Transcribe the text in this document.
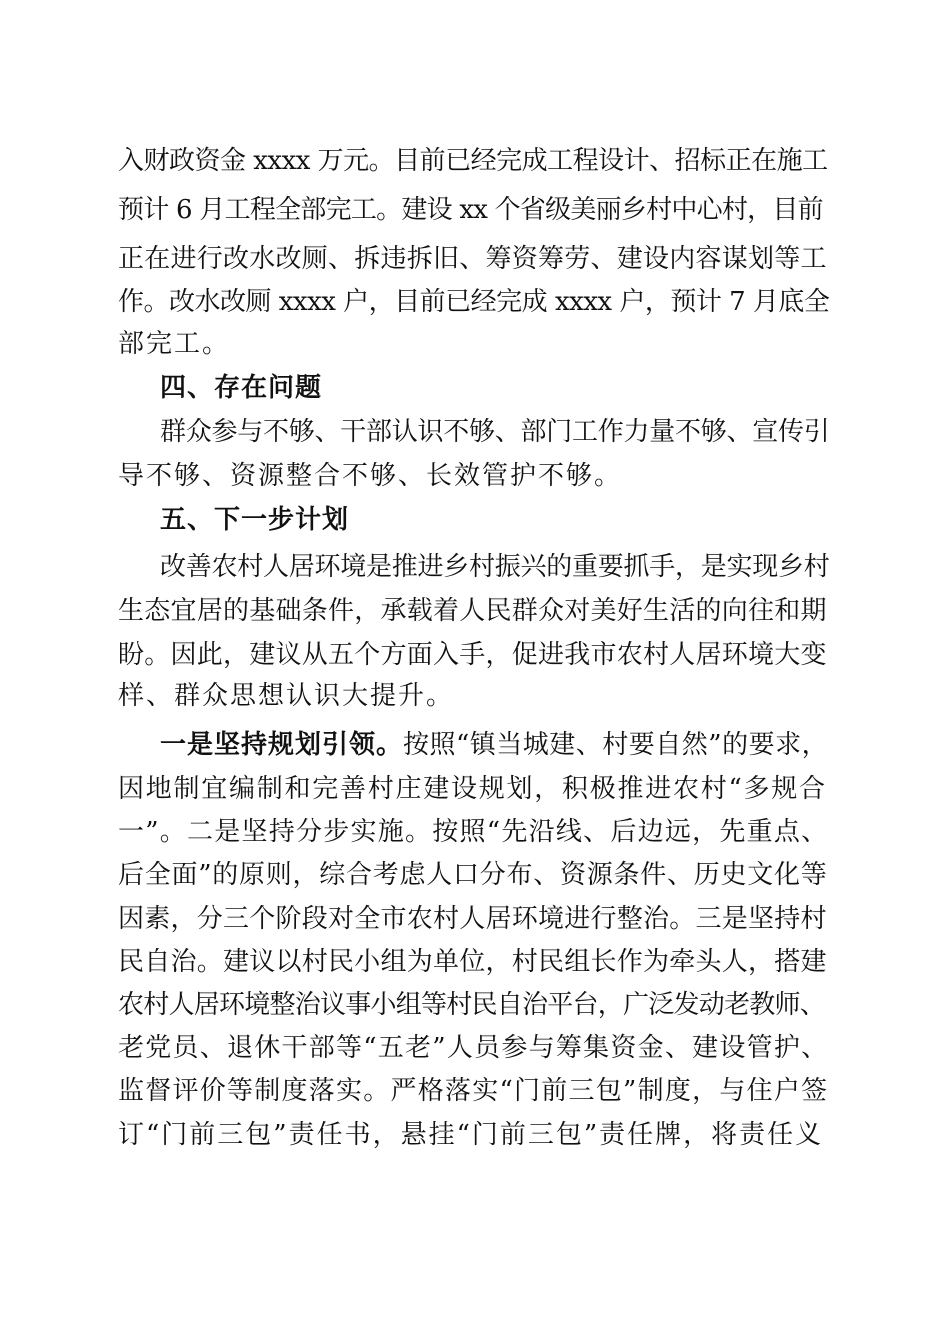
入财政资金 xxxx 万元。目前已经完成工程设计、招标正在施工
预计 6 月工程全部完工。建设 xx 个省级美丽乡村中心村，目前
正在进行改水改厕、拆违拆旧、筹资筹劳、建设内容谋划等工
作。改水改厕 xxxx 户，目前已经完成 xxxx 户，预计 7 月底全
部完工。
四、存在问题
群众参与不够、干部认识不够、部门工作力量不够、宣传引
导不够、资源整合不够、长效管护不够。
五、下一步计划
改善农村人居环境是推进乡村振兴的重要抓手，是实现乡村
生态宜居的基础条件，承载着人民群众对美好生活的向往和期
盼。因此，建议从五个方面入手，促进我市农村人居环境大变
样、群众思想认识大提升。
一是坚持规划引领。按照“镇当城建、村要自然”的要求，
因地制宜编制和完善村庄建设规划，积极推进农村“多规合
一”。二是坚持分步实施。按照“先沿线、后边远，先重点、
后全面”的原则，综合考虑人口分布、资源条件、历史文化等
因素，分三个阶段对全市农村人居环境进行整治。三是坚持村
民自治。建议以村民小组为单位，村民组长作为牵头人，搭建
农村人居环境整治议事小组等村民自治平台，广泛发动老教师、
老党员、退休干部等“五老”人员参与筹集资金、建设管护、
监督评价等制度落实。严格落实“门前三包”制度，与住户签
订“门前三包”责任书，悬挂“门前三包”责任牌，将责任义
